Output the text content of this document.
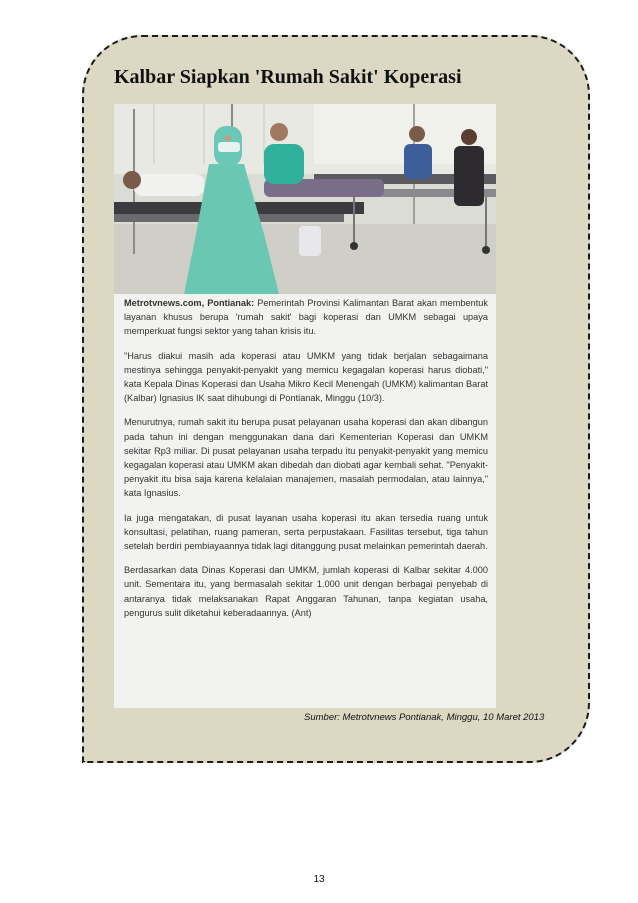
Kalbar Siapkan 'Rumah Sakit' Koperasi

Metrotvnews.com, Pontianak: Pemerintah Provinsi Kalimantan Barat akan membentuk layanan khusus berupa 'rumah sakit' bagi koperasi dan UMKM sebagai upaya memperkuat fungsi sektor yang tahan krisis itu.

"Harus diakui masih ada koperasi atau UMKM yang tidak berjalan sebagaimana mestinya sehingga penyakit-penyakit yang memicu kegagalan koperasi harus diobati," kata Kepala Dinas Koperasi dan Usaha Mikro Kecil Menengah (UMKM) kalimantan Barat (Kalbar) Ignasius IK saat dihubungi di Pontianak, Minggu (10/3).

Menurutnya, rumah sakit itu berupa pusat pelayanan usaha koperasi dan akan dibangun pada tahun ini dengan menggunakan dana dari Kementerian Koperasi dan UMKM sekitar Rp3 miliar. Di pusat pelayanan usaha terpadu itu penyakit-penyakit yang memicu kegagalan koperasi atau UMKM akan dibedah dan diobati agar kembali sehat. "Penyakit-penyakit itu bisa saja karena kelalaian manajemen, masalah permodalan, atau lainnya," kata Ignasius.

Ia juga mengatakan, di pusat layanan usaha koperasi itu akan tersedia ruang untuk konsultasi, pelatihan, ruang pameran, serta perpustakaan. Fasilitas tersebut, tiga tahun setelah berdiri pembiayaannya tidak lagi ditanggung pusat melainkan pemerintah daerah.

Berdasarkan data Dinas Koperasi dan UMKM, jumlah koperasi di Kalbar sekitar 4.000 unit. Sementara itu, yang bermasalah sekitar 1.000 unit dengan berbagai penyebab di antaranya tidak melaksanakan Rapat Anggaran Tahunan, tanpa kegiatan usaha, pengurus sulit diketahui keberadaannya. (Ant)

Sumber: Metrotvnews Pontianak, Minggu, 10 Maret 2013

13
